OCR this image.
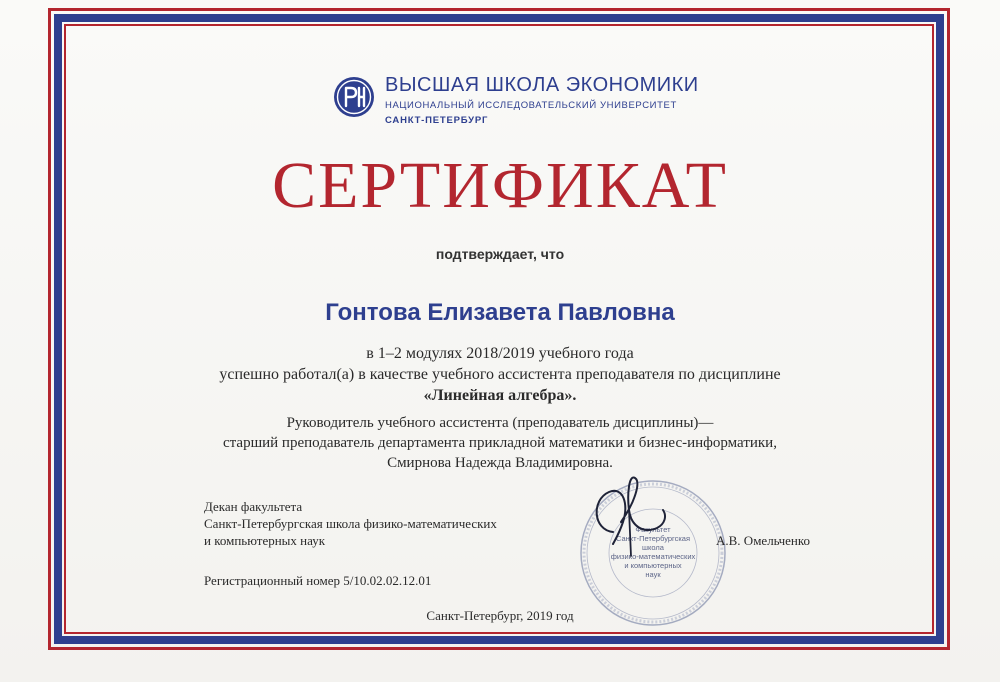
ВЫСШАЯ ШКОЛА ЭКОНОМИКИ
НАЦИОНАЛЬНЫЙ ИССЛЕДОВАТЕЛЬСКИЙ УНИВЕРСИТЕТ
САНКТ-ПЕТЕРБУРГ
СЕРТИФИКАТ
подтверждает, что
Гонтова Елизавета Павловна
в 1–2 модулях 2018/2019 учебного года
успешно работал(а) в качестве учебного ассистента преподавателя по дисциплине
«Линейная алгебра».
Руководитель учебного ассистента (преподаватель дисциплины)—
старший преподаватель департамента прикладной математики и бизнес-информатики,
Смирнова Надежда Владимировна.
Декан факультета
Санкт-Петербургская школа физико-математических
и компьютерных наук
Факультет
Санкт-Петербургская
школа
физико-математических
и компьютерных
наук
А.В. Омельченко
Регистрационный номер 5/10.02.02.12.01
Санкт-Петербург, 2019 год
